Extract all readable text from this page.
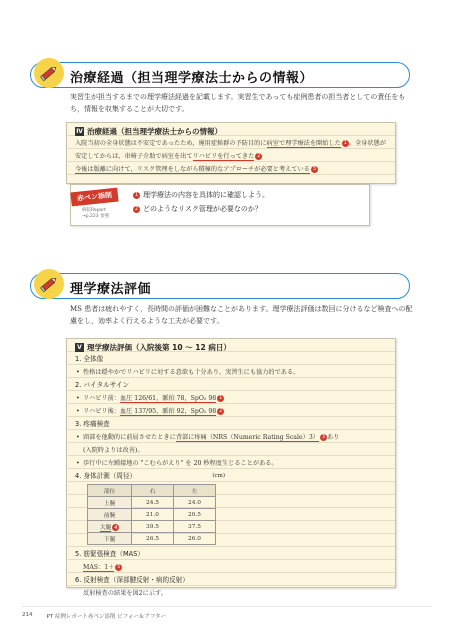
治療経過（担当理学療法士からの情報）
実習生が担当するまでの理学療法経過を記載します。実習生であっても症例患者の担当者としての責任をもち，情報を収集することが大切です。
Ⅳ 治療経過（担当理学療法士からの情報）
入院当初の全身状態は不安定であったため，廃用症候群の予防目的に病室で理学療法を開始した 1 。全身状態が安定してからは，車椅子介助で病室を出てリハビリを行ってきた 2
今後は版離に向けて，リスク管理をしながら積極的なアプローチが必要と考えている 3
赤ペン添削
病院Report
→p.223 参照
1 理学療法の内容を具体的に確認しよう。
2 どのようなリスク管理が必要なのか？
理学療法評価
MS 患者は疲れやすく，長時間の評価が困難なことがあります。理学療法評価は数回に分けるなど検査への配慮をし，効率よく行えるような工夫が必要です。
Ⅴ 理学療法評価（入院後第 10 ～ 12 病日）
1. 全体像
• 性格は穏やかでリハビリに対する意欲も十分あり，実習生にも協力的である。
2. バイタルサイン
• リハビリ前：血圧 126/61，脈拍 78，SpO₂ 98 1
• リハビリ後：血圧 137/95，脈拍 92，SpO₂ 98 2
3. 疼痛検査
• 頸部を他動的に前屈させたときに背部に疼痛（NRS（Numeric Rating Scale）3） 3 あり
(入院時よりは改善)。
• 歩行中に左踵接地の "こむらがえり" を 20 秒程度生じることがある。
4. 身体計測（周径）	(cm)
部位	右	左
上腕	24.5	24.0
前腕	21.0	20.5
大腿 4	39.5	37.5
下腿	26.5	26.0
5. 筋緊張検査（MAS）
MAS：1＋ 5
6. 反射検査（深部腱反射・病的反射）
反射検査の結果を図2に示す。
214	PT 症例レポート赤ペン添削 ビフォー＆アフター
